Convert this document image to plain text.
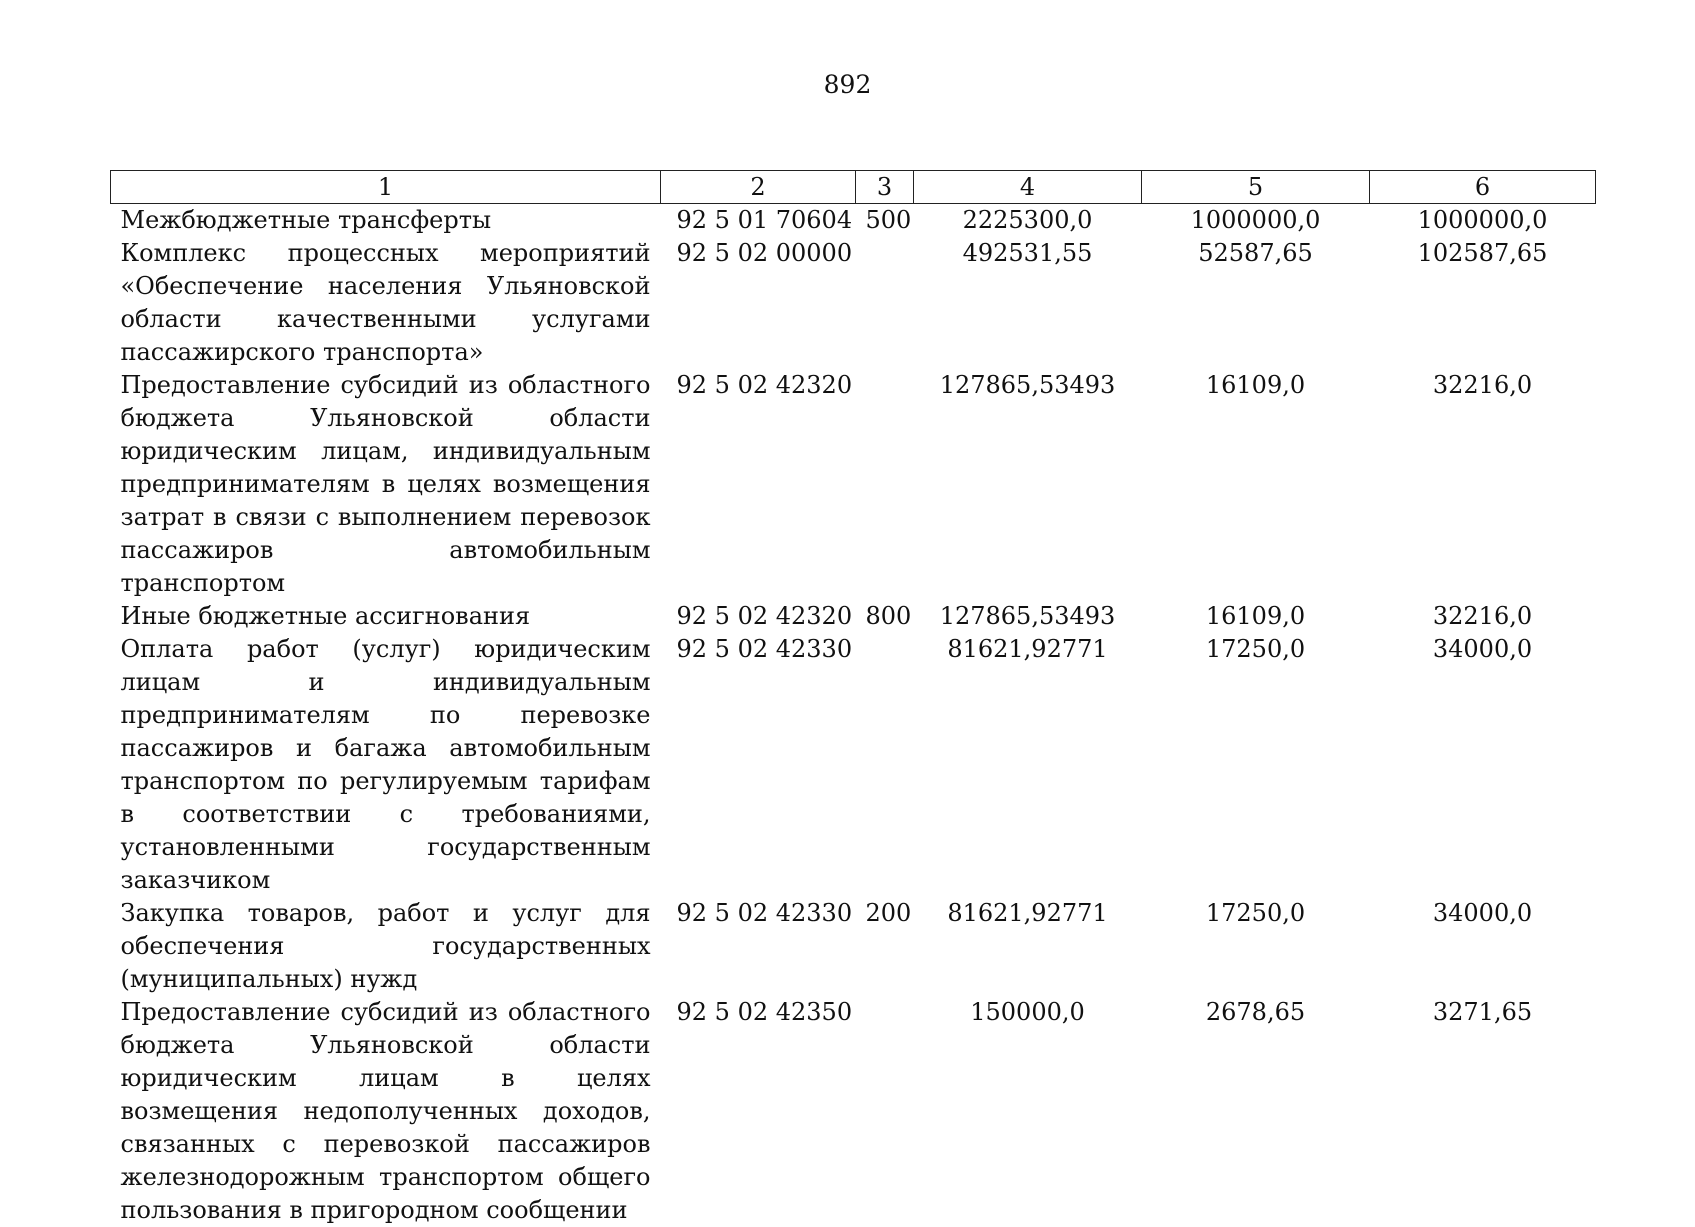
892
1	2	3	4	5	6
Межбюджетные трансферты	92 5 01 70604	500	2225300,0	1000000,0	1000000,0
Комплекс процессных мероприятий «Обеспечение населения Ульяновской области качественными услугами пассажирского транспорта»	92 5 02 00000		492531,55	52587,65	102587,65
Предоставление субсидий из областного бюджета Ульяновской области юридическим лицам, индивидуальным предпринимателям в целях возмещения затрат в связи с выполнением перевозок пассажиров автомобильным транспортом	92 5 02 42320		127865,53493	16109,0	32216,0
Иные бюджетные ассигнования	92 5 02 42320	800	127865,53493	16109,0	32216,0
Оплата работ (услуг) юридическим лицам и индивидуальным предпринимателям по перевозке пассажиров и багажа автомобильным транспортом по регулируемым тарифам в соответствии с требованиями, установленными государственным заказчиком	92 5 02 42330		81621,92771	17250,0	34000,0
Закупка товаров, работ и услуг для обеспечения государственных (муниципальных) нужд	92 5 02 42330	200	81621,92771	17250,0	34000,0
Предоставление субсидий из областного бюджета Ульяновской области юридическим лицам в целях возмещения недополученных доходов, связанных с перевозкой пассажиров железнодорожным транспортом общего пользования в пригородном сообщении	92 5 02 42350		150000,0	2678,65	3271,65
